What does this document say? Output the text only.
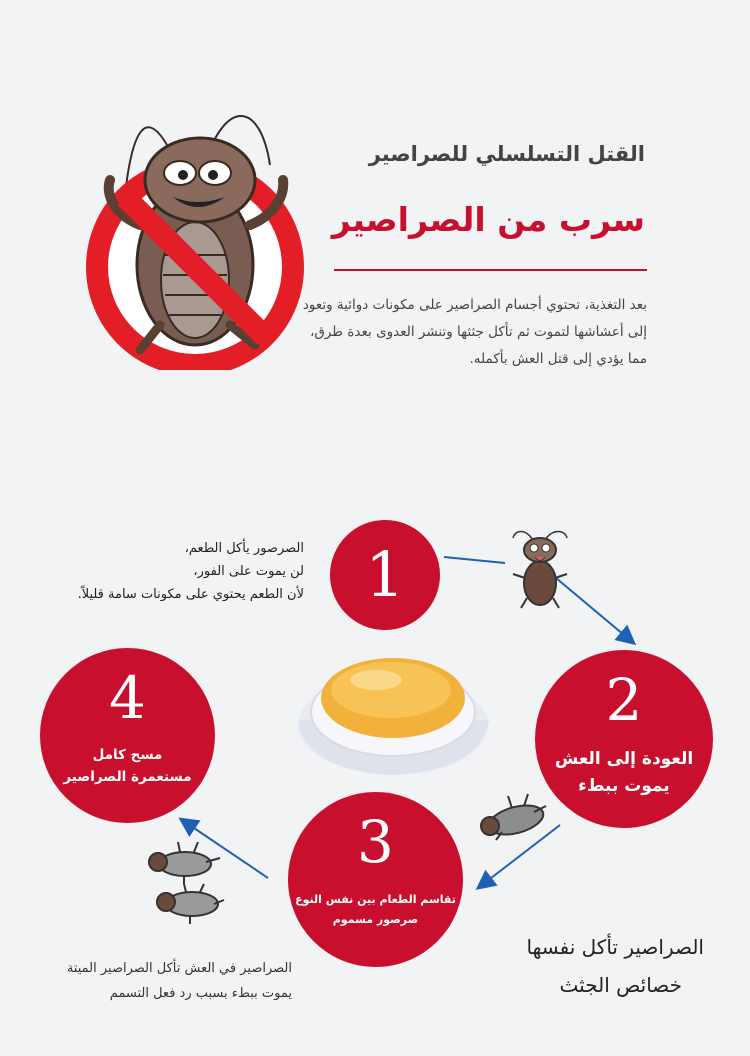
القتل التسلسلي للصراصير
سرب من الصراصير
بعد التغذية، تحتوي أجسام الصراصير على مكونات دوائية وتعود إلى أعشاشها لتموت ثم تأكل جثثها وتنشر العدوى بعدة طرق، مما يؤدي إلى قتل العش بأكمله.
1
2
العودة إلى العش
يموت ببطء
3
تقاسم الطعام بين نفس النوع
صرصور مسموم
4
مسح كامل
مستعمرة الصراصير
الصرصور يأكل الطعم،
لن يموت على الفور،
لأن الطعم يحتوي على مكونات سامة قليلاً.
الصراصير في العش تأكل الصراصير الميتة
يموت ببطء بسبب رد فعل التسمم
الصراصير تأكل نفسها
خصائص الجثث
